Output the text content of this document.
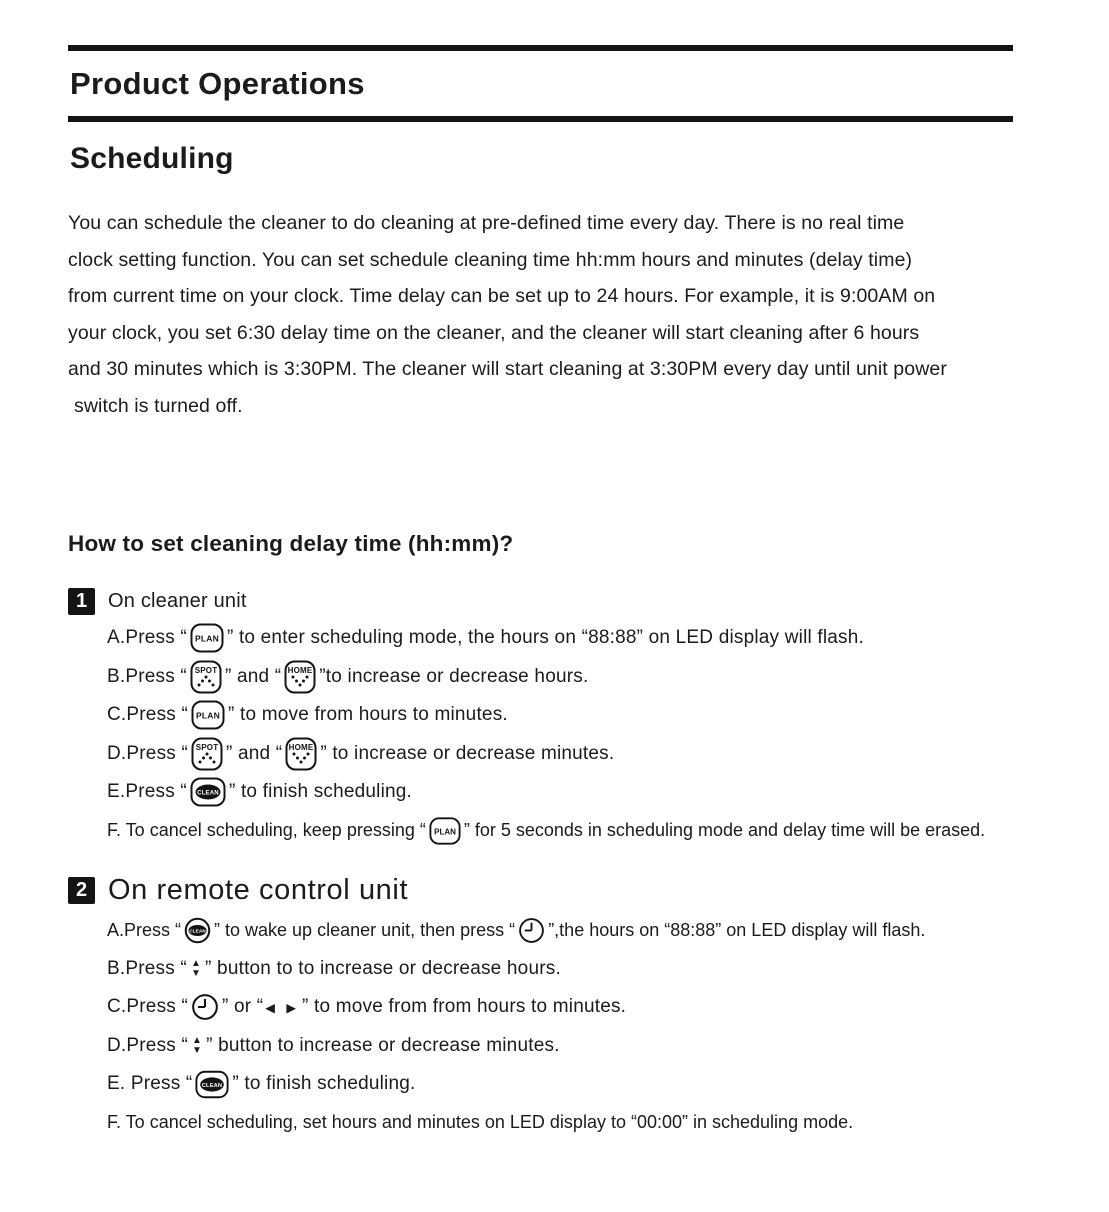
Product Operations
Scheduling
You can schedule the cleaner to do cleaning at pre-defined time every day. There is no real time
clock setting function. You can set schedule cleaning time hh:mm hours and minutes (delay time)
from current time on your clock. Time delay can be set up to 24 hours. For example, it is 9:00AM on
your clock, you set 6:30 delay time on the cleaner, and the cleaner will start cleaning after 6 hours
and 30 minutes which is 3:30PM. The cleaner will start cleaning at 3:30PM every day until unit power
switch is turned off.
How to set cleaning delay time (hh:mm)?
1	On cleaner unit
A.Press “ PLAN ” to enter scheduling mode, the hours on “88:88” on LED display will flash.
B.Press “ SPOT ” and “ HOME ”to increase or decrease hours.
C.Press “ PLAN ” to move from hours to minutes.
D.Press “ SPOT ” and “ HOME ” to increase or decrease minutes.
E.Press “ CLEAN ” to finish scheduling.
F. To cancel scheduling, keep pressing “ PLAN ” for 5 seconds in scheduling mode and delay time will be erased.
2 On remote control unit
A.Press “ CLEAN ” to wake up cleaner unit, then press “ ”,the hours on “88:88” on LED display will flash.
B.Press “ ▲
▼ ” button to to increase or decrease hours.
C.Press “ ” or “ ◀ ▶ ” to move from from hours to minutes.
D.Press “ ▲
▼ ” button to increase or decrease minutes.
E. Press “ CLEAN ” to finish scheduling.
F. To cancel scheduling, set hours and minutes on LED display to “00:00” in scheduling mode.
